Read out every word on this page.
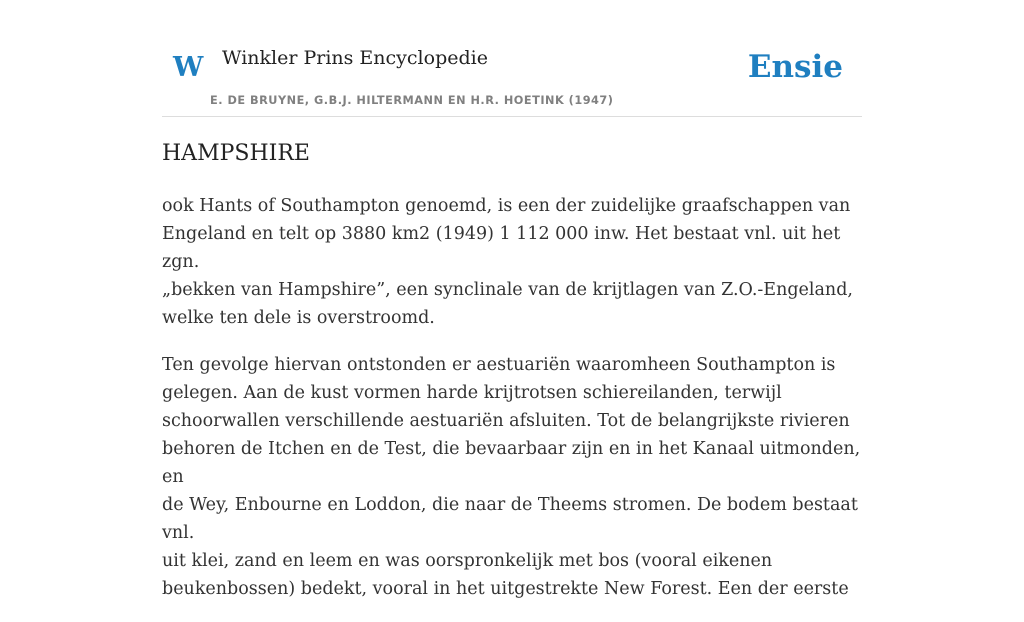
W Winkler Prins Encyclopedie
E. DE BRUYNE, G.B.J. HILTERMANN EN H.R. HOETINK (1947)
Ensie
HAMPSHIRE

ook Hants of Southampton genoemd, is een der zuidelijke graafschappen van
Engeland en telt op 3880 km2 (1949) 1 112 000 inw. Het bestaat vnl. uit het zgn.
„bekken van Hampshire”, een synclinale van de krijtlagen van Z.O.-Engeland,
welke ten dele is overstroomd.

Ten gevolge hiervan ontstonden er aestuariën waaromheen Southampton is
gelegen. Aan de kust vormen harde krijtrotsen schiereilanden, terwijl
schoorwallen verschillende aestuariën afsluiten. Tot de belangrijkste rivieren
behoren de Itchen en de Test, die bevaarbaar zijn en in het Kanaal uitmonden, en
de Wey, Enbourne en Loddon, die naar de Theems stromen. De bodem bestaat vnl.
uit klei, zand en leem en was oorspronkelijk met bos (vooral eikenen
beukenbossen) bedekt, vooral in het uitgestrekte New Forest. Een der eerste
